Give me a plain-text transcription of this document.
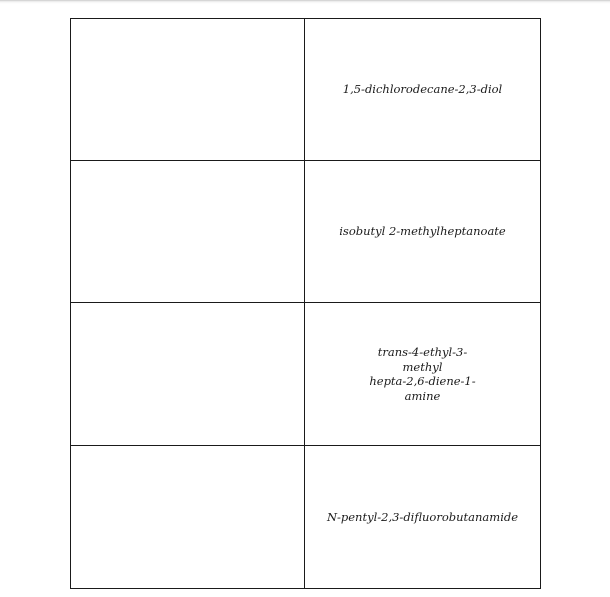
	1,5-dichlorodecane-2,3-diol
	isobutyl 2-methylheptanoate
	trans-4-ethyl-3- methyl
hepta-2,6-diene-1-
amine
	N-pentyl-2,3-difluorobutanamide
